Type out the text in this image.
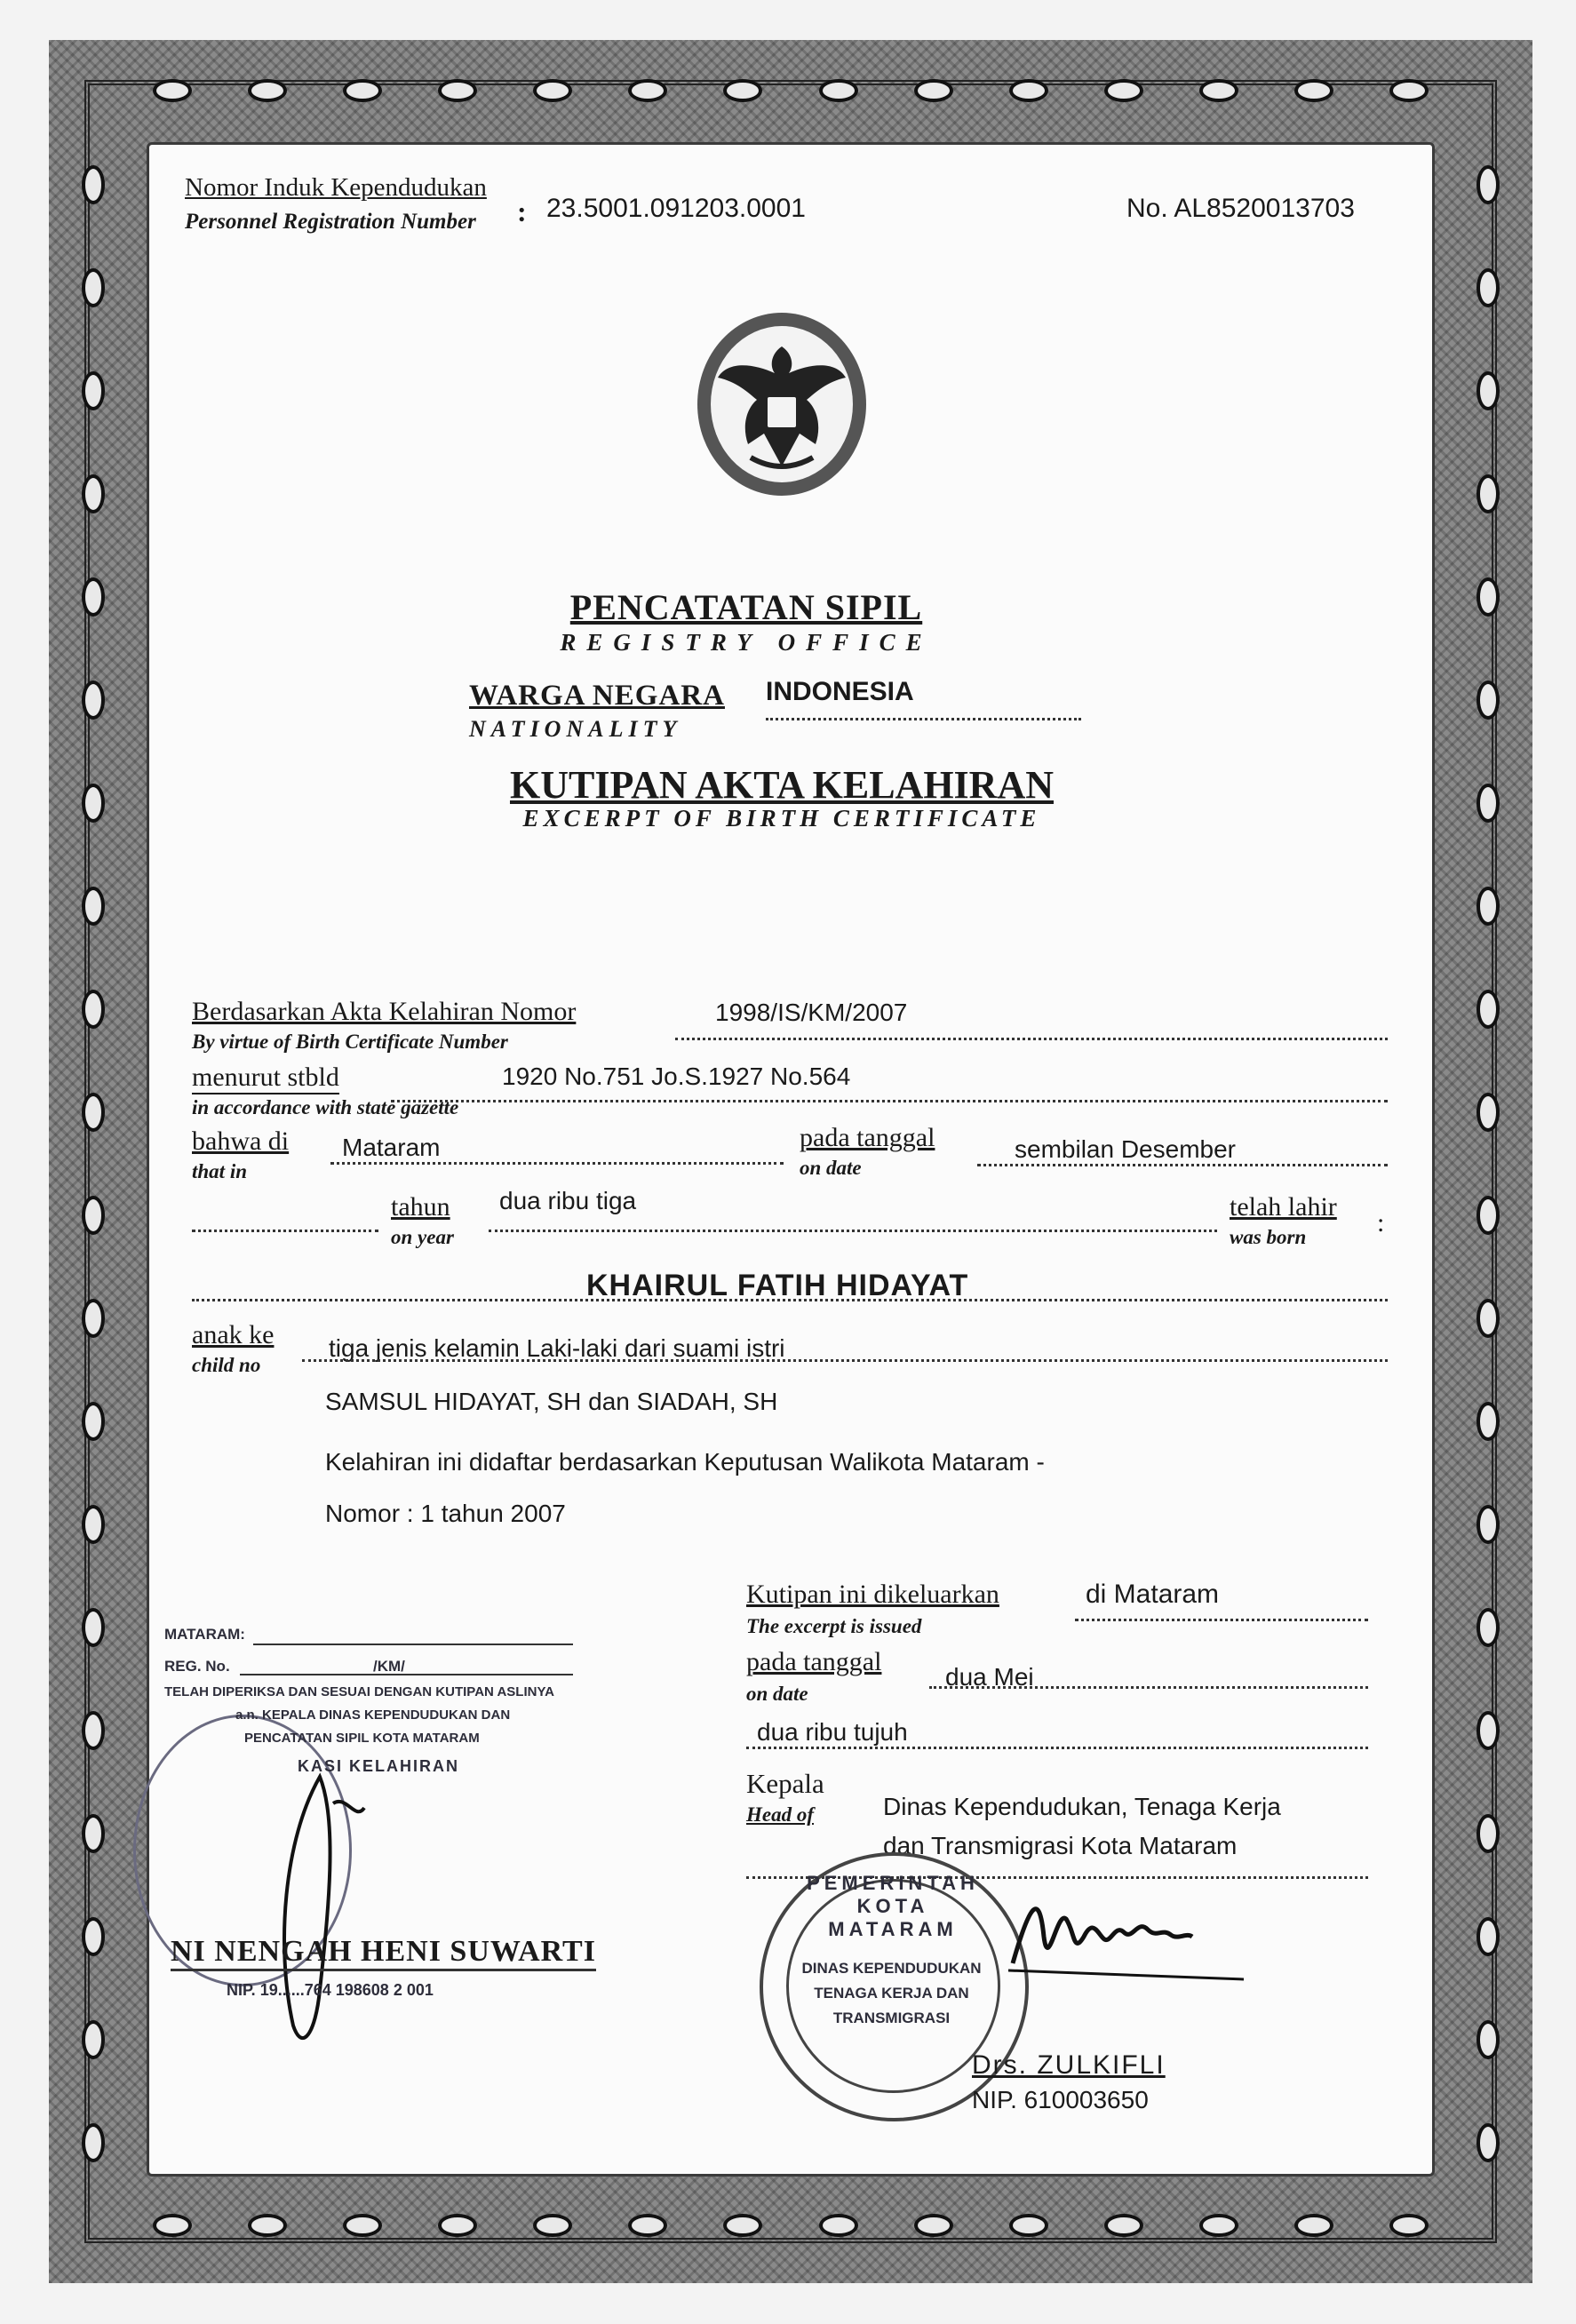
Nomor Induk Kependudukan
Personnel Registration Number : 23.5001.091203.0001	No. AL8520013703
PENCATATAN SIPIL
REGISTRY OFFICE
WARGA NEGARA
NATIONALITY
INDONESIA
KUTIPAN AKTA KELAHIRAN
EXCERPT OF BIRTH CERTIFICATE
Berdasarkan Akta Kelahiran Nomor
By virtue of Birth Certificate Number
1998/IS/KM/2007
menurut stbld
in accordance with state gazette
1920 No.751 Jo.S.1927 No.564
bahwa di
that in
Mataram	pada tanggal
on date
sembilan Desember
tahun
on year
dua ribu tiga	telah lahir
was born	:
KHAIRUL FATIH HIDAYAT
anak ke
child no
tiga jenis kelamin Laki-laki dari suami istri
SAMSUL HIDAYAT, SH dan SIADAH, SH
Kelahiran ini didaftar berdasarkan Keputusan Walikota Mataram -
Nomor : 1 tahun 2007
Kutipan ini dikeluarkan
The excerpt is issued
di Mataram
pada tanggal
on date
dua Mei
dua ribu tujuh
Kepala
Head of	Dinas Kependudukan, Tenaga Kerja
dan Transmigrasi Kota Mataram
PEMERINTAH KOTA MATARAM
DINAS KEPENDUDUKAN
TENAGA KERJA DAN
TRANSMIGRASI
Drs. ZULKIFLI
NIP. 610003650
MATARAM:
REG. No.	/KM/
TELAH DIPERIKSA DAN SESUAI DENGAN KUTIPAN ASLINYA
a.n. KEPALA DINAS KEPENDUDUKAN DAN
PENCATATAN SIPIL KOTA MATARAM
KASI KELAHIRAN
NI NENGAH HENI SUWARTI
NIP. 19......764 198608 2 001
